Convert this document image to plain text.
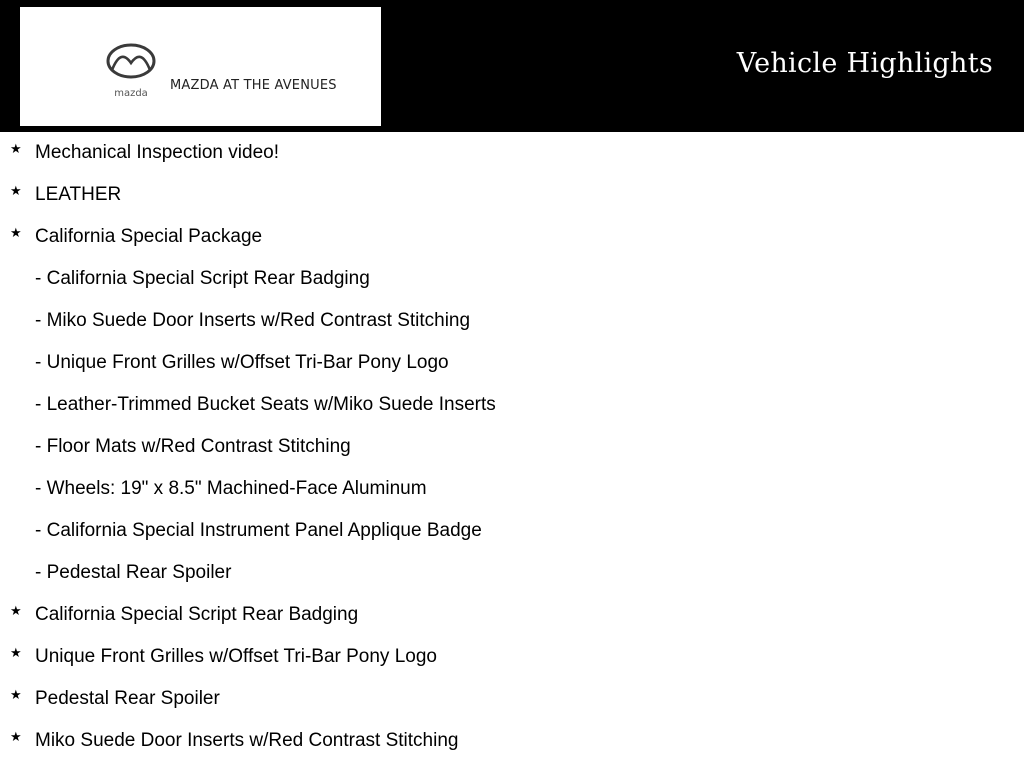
mazda
MAZDA AT THE AVENUES
Vehicle Highlights
★ Mechanical Inspection video!
★ LEATHER
★ California Special Package
- California Special Script Rear Badging
- Miko Suede Door Inserts w/Red Contrast Stitching
- Unique Front Grilles w/Offset Tri-Bar Pony Logo
- Leather-Trimmed Bucket Seats w/Miko Suede Inserts
- Floor Mats w/Red Contrast Stitching
- Wheels: 19" x 8.5" Machined-Face Aluminum
- California Special Instrument Panel Applique Badge
- Pedestal Rear Spoiler
★ California Special Script Rear Badging
★ Unique Front Grilles w/Offset Tri-Bar Pony Logo
★ Pedestal Rear Spoiler
★ Miko Suede Door Inserts w/Red Contrast Stitching
